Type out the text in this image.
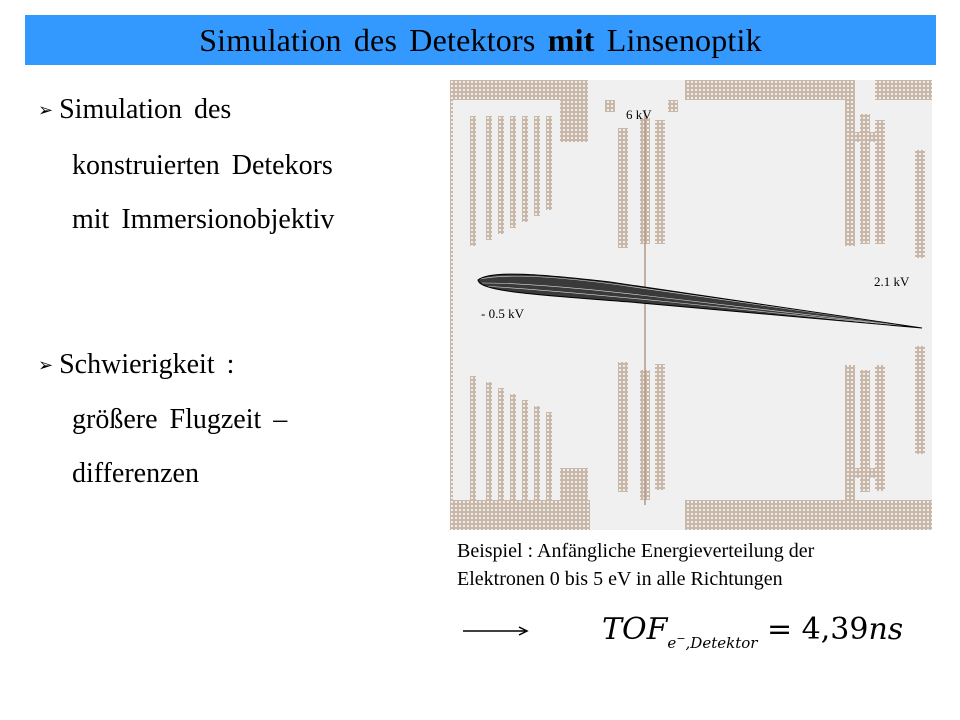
Simulation des Detektors
mit
Linsenoptik
➢ Simulation des
konstruierten Detekors
mit Immersionobjektiv
➢ Schwierigkeit :
größere Flugzeit –
differenzen
6 kV
2.1 kV
- 0.5 kV
Beispiel : Anfängliche Energieverteilung der
Elektronen 0 bis 5 eV in alle Richtungen
$TOF_{e^-,Detektor} = 4,39ns$
